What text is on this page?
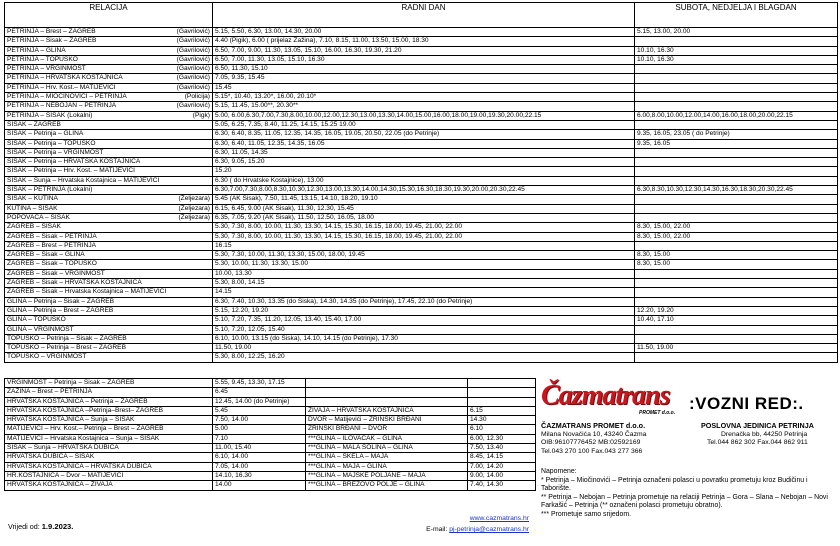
RELACIJA	RADNI DAN	SUBOTA, NEDJELJA I BLAGDAN
PETRINJA – Brest – ZAGREB (Gavrilović)	5.15, 5.50, 6.30, 13.00, 14.30, 20.00	5.15, 13.00, 20.00
PETRINJA – Sisak – ZAGREB (Gavrilović)	4.40 (Pigik), 6.00 ( prijelaz Zažina), 7.10, 8.15, 11.00, 13.50, 15.00, 18.30	
PETRINJA – GLINA (Gavrilović)	6.50, 7.00, 9.00, 11.30, 13.05, 15.10, 16.00, 16.30, 19.30, 21.20	10.10, 16.30
PETRINJA – TOPUSKO (Gavrilović)	6.50, 7.00, 11.30, 13.05, 15.10, 16.30	10.10, 16.30
PETRINJA – VRGINMOST (Gavrilović)	6.50, 11.30, 15.10	
PETRINJA – HRVATSKA KOSTAJNICA (Gavrilović)	7.05, 9.35, 15.45	
PETRINJA – Hrv. Kost.– MATIJEVIĆI (Gavrilović)	15.45	
PETRINJA – MIOČINOVIĆI – PETRINJA (Policija)	5.15*, 10.40, 13.20*, 16.00, 20.10*	
PETRINJA – NEBOJAN – PETRINJA (Gavrilović)	5.15, 11.45, 15.00**, 20.30**	
PETRINJA – SISAK (Lokalni) (Pigk)	5.00, 6.00,6.30,7.00,7.30,8.00,10.00,12.00,12.30,13.00,13.30,14.00,15.00,16.00,18.00,19.00,19.30,20.00,22.15	6.00,8.00,10.00,12.00,14.00,16.00,18.00,20.00,22.15
SISAK – ZAGREB	5.05, 6.25, 7.35, 8.40, 11.25, 14.15, 15.25 19.00	
SISAK – Petrinja – GLINA	6.30, 6.40, 8.35, 11.05, 12.35, 14.35, 16.05, 19.05, 20.50, 22.05 (do Petrinje)	9.35, 16.05, 23.05 ( do Petrinje)
SISAK – Petrinja – TOPUSKO	6.30, 6.40, 11.05, 12.35, 14.35, 16.05	9.35, 16.05
SISAK – Petrinja – VRGINMOST	6.30, 11.05, 14.35	
SISAK – Petrinja – HRVATSKA KOSTAJNICA	6.30, 9.05, 15.20	
SISAK – Petrinja – Hrv. Kost. – MATIJEVIĆI	15.20	
SISAK – Sunja – Hrvatska Kostajnica – MATIJEVIĆI	6.30 ( do Hrvatske Kostajnice), 13.00	
SISAK – PETRINJA (Lokalni)	6.30,7.00,7.30,8.00,8.30,10.30,12.30,13.00,13.30,14.00,14.30,15.30,16.30,18.30,19.30,20.00,20.30,22.45	6.30,8.30,10.30,12.30,14.30,16.30,18.30,20.30,22.45
SISAK – KUTINA (Željezara)	5.45 (AK Sisak), 7.50, 11.45, 13.15, 14.10, 18.20, 19.10	
KUTINA – SISAK (Željezara)	6.15, 6.45, 9.00 (AK Sisak), 11.30, 12.30, 15.45	
POPOVAČA – SISAK (Željezara)	6.35, 7.05, 9.20 (AK Sisak), 11.50, 12.50, 16.05, 18.00	
ZAGREB – SISAK	5.30, 7.30, 8.00, 10.00, 11.30, 13.30, 14.15, 15.30, 16.15, 18.00, 19.45, 21.00, 22.00	8.30, 15.00, 22.00
ZAGREB – Sisak – PETRINJA	5.30, 7.30, 8.00, 10.00, 11.30, 13.30, 14.15, 15.30, 16.15, 18.00, 19.45, 21.00, 22.00	8.30, 15.00, 22.00
ZAGREB – Brest – PETRINJA	16.15	
ZAGREB – Sisak – GLINA	5.30, 7.30, 10.00, 11.30, 13.30, 15.00, 18.00, 19.45	8.30, 15.00
ZAGREB – Sisak – TOPUSKO	5.30, 10.00, 11.30, 13.30, 15.00	8.30, 15.00
ZAGREB – Sisak – VRGINMOST	10.00, 13.30	
ZAGREB – Sisak – HRVATSKA KOSTAJNICA	5.30, 8.00, 14.15	
ZAGREB – Sisak – Hrvatska Kostajnica – MATIJEVIĆI	14.15	
GLINA – Petrinja – Sisak – ZAGREB	6.30, 7.40, 10.30, 13.35 (do Siska), 14.30, 14.35 (do Petrinje), 17.45, 22.10 (do Petrinje)	
GLINA – Petrinja – Brest – ZAGREB	5.15, 12.20, 19.20	12.20, 19.20
GLINA – TOPUSKO	5.10, 7.20, 7.35, 11.20, 12.05, 13.40, 15.40, 17.00	10.40, 17.10
GLINA – VRGINMOST	5.10, 7.20, 12.05, 15.40	
TOPUSKO – Petrinja – Sisak – ZAGREB	6.10, 10.00, 13.15 (do Siska), 14.10, 14.15 (do Petrinje), 17.30	
TOPUSKO – Petrinja – Brest – ZAGREB	11.50, 19.00	11.50, 19.00
TOPUSKO – VRGINMOST	5.30, 8.00, 12.25, 16.20	
VRGINMOST – Petrinja – Sisak – ZAGREB	5.55, 9.45, 13.30, 17.15		
ZAŽINA – Brest – PETRINJA	6.45		
HRVATSKA KOSTAJNICA – Petrinja – ZAGREB	12.45, 14.00 (do Petrinje)		
HRVATSKA KOSTAJNICA –Petrinja–Brest– ZAGREB	5.45	ŽIVAJA – HRVATSKA KOSTAJNICA	6.15
HRVATSKA KOSTAJNICA – Sunja – SISAK	7.50, 14.00	DVOR – Matijevići – ZRINSKI BRĐANI	14.30
MATIJEVIĆI – Hrv. Kost.– Petrinja – Brest – ZAGREB	5.00	ZRINSKI BRĐANI – DVOR	6.10
MATIJEVIĆI – Hrvatska Kostajnica – Sunja – SISAK	7.10	***GLINA – ILOVAČAK – GLINA	6.00, 12.30
SISAK – Sunja – HRVATSKA DUBICA	11.00, 15.40	***GLINA – MALA SOLINA – GLINA	7.50, 13.40
HRVATSKA DUBICA – SISAK	6.10, 14.00	***GLINA – SKELA – MAJA	8.45, 14.15
HRVATSKA KOSTAJNICA – HRVATSKA DUBICA	7.05, 14.00	***GLINA – MAJA – GLINA	7.00, 14.20
HR.KOSTAJNICA – Dvor – MATIJEVIĆI	14.10, 16.30	***GLINA – MAJSKE POLJANE – MAJA	9.00, 14.00
HRVATSKA KOSTAJNICA – ŽIVAJA	14.00	***GLINA – BREZOVO POLJE – GLINA	7.40, 14.30
Čazmatrans
PROMET d.o.o. :VOZNI RED:.
ČAZMATRANS PROMET d.o.o.
Milana Novačića 10, 43240 Čazma
OIB:96107776452 MB:02592169
Tel.043 270 100 Fax.043 277 366
POSLOVNA JEDINICA PETRINJA
Drenačka bb, 44250 Petrinja
Tel.044 862 302 Fax.044 862 911
Napomene:
* Petrinja – Miočinovići – Petrinja označeni polasci u povratku prometuju kroz Budičinu i Taborište.
** Petrinja – Nebojan – Petrinja prometuje na relaciji Petrinja – Gora – Slana – Nebojan – Novi Farkašić – Petrinja (** označeni polasci prometuju obratno).
*** Prometuje samo srijedom.
Vrijedi od: 1.9.2023.
www.cazmatrans.hr
E-mail: pj-petrinja@cazmatrans.hr
